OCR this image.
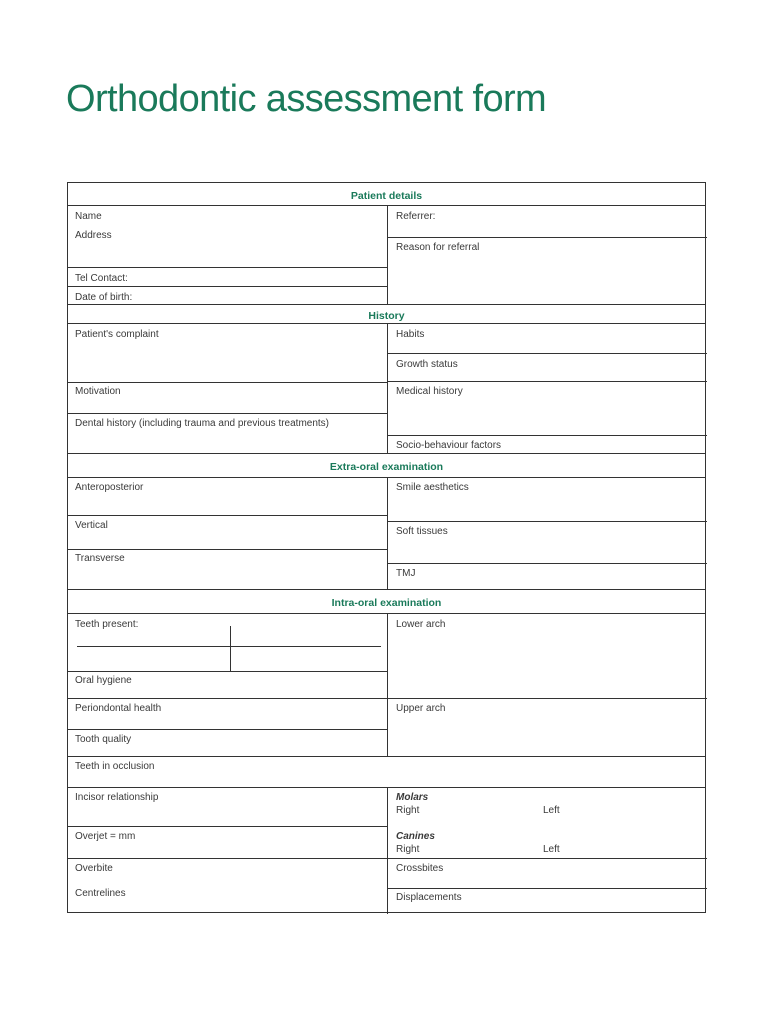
Orthodontic assessment form
Patient details
History
Extra-oral examination
Intra-oral examination
Name
Address
Tel Contact:
Date of birth:
Referrer:
Reason for referral
Patient's complaint
Motivation
Dental history (including trauma and previous treatments)
Habits
Growth status
Medical history
Socio-behaviour factors
Anteroposterior
Vertical
Transverse
Smile aesthetics
Soft tissues
TMJ
Teeth present:
Oral hygiene
Periondontal health
Tooth quality
Lower arch
Upper arch
Teeth in occlusion
Incisor relationship
Overjet = mm
Overbite
Centrelines
Molars
Right	Left
Canines
Right	Left
Crossbites
Displacements
